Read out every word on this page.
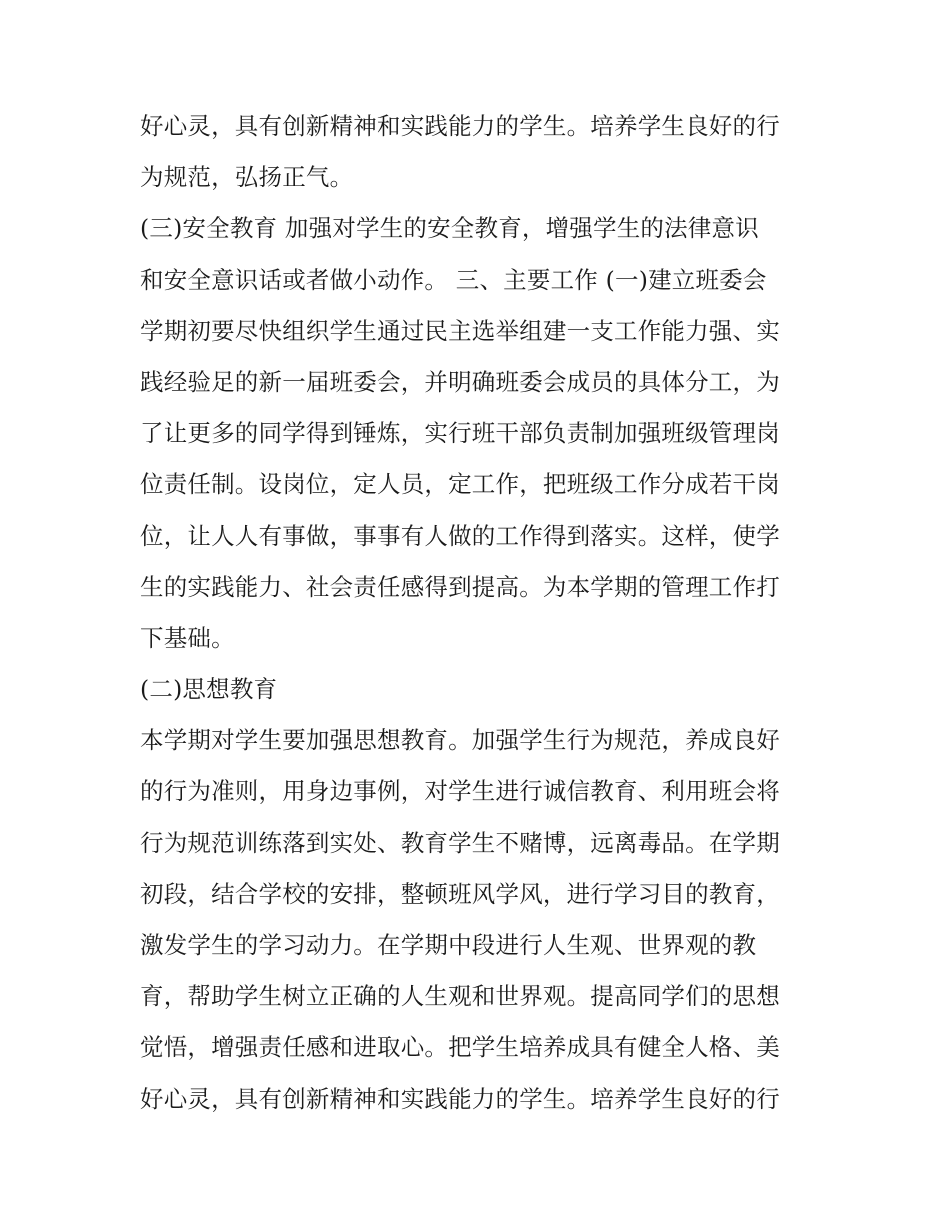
好心灵，具有创新精神和实践能力的学生。培养学生良好的行
为规范，弘扬正气。
(三)安全教育 加强对学生的安全教育，增强学生的法律意识
和安全意识话或者做小动作。 三、主要工作 (一)建立班委会
学期初要尽快组织学生通过民主选举组建一支工作能力强、实
践经验足的新一届班委会，并明确班委会成员的具体分工，为
了让更多的同学得到锤炼，实行班干部负责制加强班级管理岗
位责任制。设岗位，定人员，定工作，把班级工作分成若干岗
位，让人人有事做，事事有人做的工作得到落实。这样，使学
生的实践能力、社会责任感得到提高。为本学期的管理工作打
下基础。
(二)思想教育
本学期对学生要加强思想教育。加强学生行为规范，养成良好
的行为准则，用身边事例，对学生进行诚信教育、利用班会将
行为规范训练落到实处、教育学生不赌博，远离毒品。在学期
初段，结合学校的安排，整顿班风学风，进行学习目的教育，
激发学生的学习动力。在学期中段进行人生观、世界观的教
育，帮助学生树立正确的人生观和世界观。提高同学们的思想
觉悟，增强责任感和进取心。把学生培养成具有健全人格、美
好心灵，具有创新精神和实践能力的学生。培养学生良好的行
